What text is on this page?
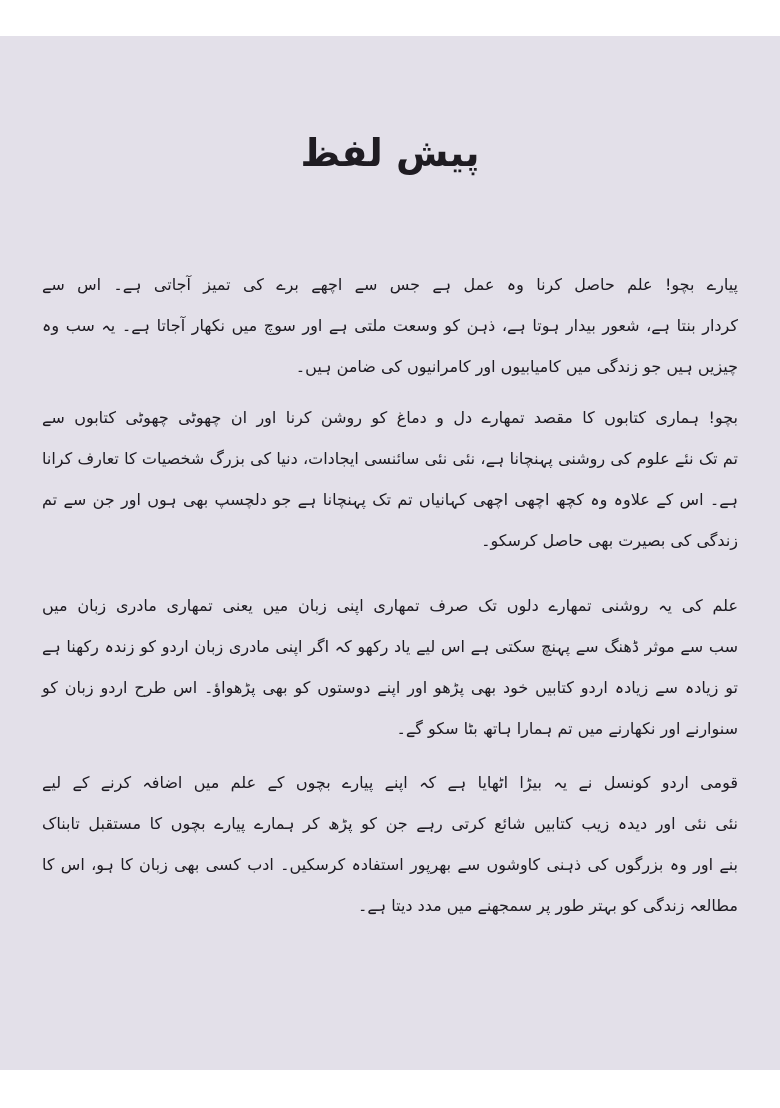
پیش لفظ
پیارے بچو! علم حاصل کرنا وہ عمل ہے جس سے اچھے برے کی تمیز آجاتی ہے۔ اس سے
کردار بنتا ہے، شعور بیدار ہوتا ہے، ذہن کو وسعت ملتی ہے اور سوچ میں نکھار آجاتا ہے۔ یہ سب وہ
چیزیں ہیں جو زندگی میں کامیابیوں اور کامرانیوں کی ضامن ہیں۔
بچو! ہماری کتابوں کا مقصد تمھارے دل و دماغ کو روشن کرنا اور ان چھوٹی چھوٹی کتابوں سے
تم تک نئے علوم کی روشنی پہنچانا ہے، نئی نئی سائنسی ایجادات، دنیا کی بزرگ شخصیات کا تعارف کرانا
ہے۔ اس کے علاوہ وہ کچھ اچھی اچھی کہانیاں تم تک پہنچانا ہے جو دلچسپ بھی ہوں اور جن سے تم
زندگی کی بصیرت بھی حاصل کرسکو۔
علم کی یہ روشنی تمھارے دلوں تک صرف تمھاری اپنی زبان میں یعنی تمھاری مادری زبان میں
سب سے موثر ڈھنگ سے پہنچ سکتی ہے اس لیے یاد رکھو کہ اگر اپنی مادری زبان اردو کو زندہ رکھنا ہے
تو زیادہ سے زیادہ اردو کتابیں خود بھی پڑھو اور اپنے دوستوں کو بھی پڑھواؤ۔ اس طرح اردو زبان کو
سنوارنے اور نکھارنے میں تم ہمارا ہاتھ بٹا سکو گے۔
قومی اردو کونسل نے یہ بیڑا اٹھایا ہے کہ اپنے پیارے بچوں کے علم میں اضافہ کرنے کے لیے
نئی نئی اور دیدہ زیب کتابیں شائع کرتی رہے جن کو پڑھ کر ہمارے پیارے بچوں کا مستقبل تابناک
بنے اور وہ بزرگوں کی ذہنی کاوشوں سے بھرپور استفادہ کرسکیں۔ ادب کسی بھی زبان کا ہو، اس کا
مطالعہ زندگی کو بہتر طور پر سمجھنے میں مدد دیتا ہے۔
